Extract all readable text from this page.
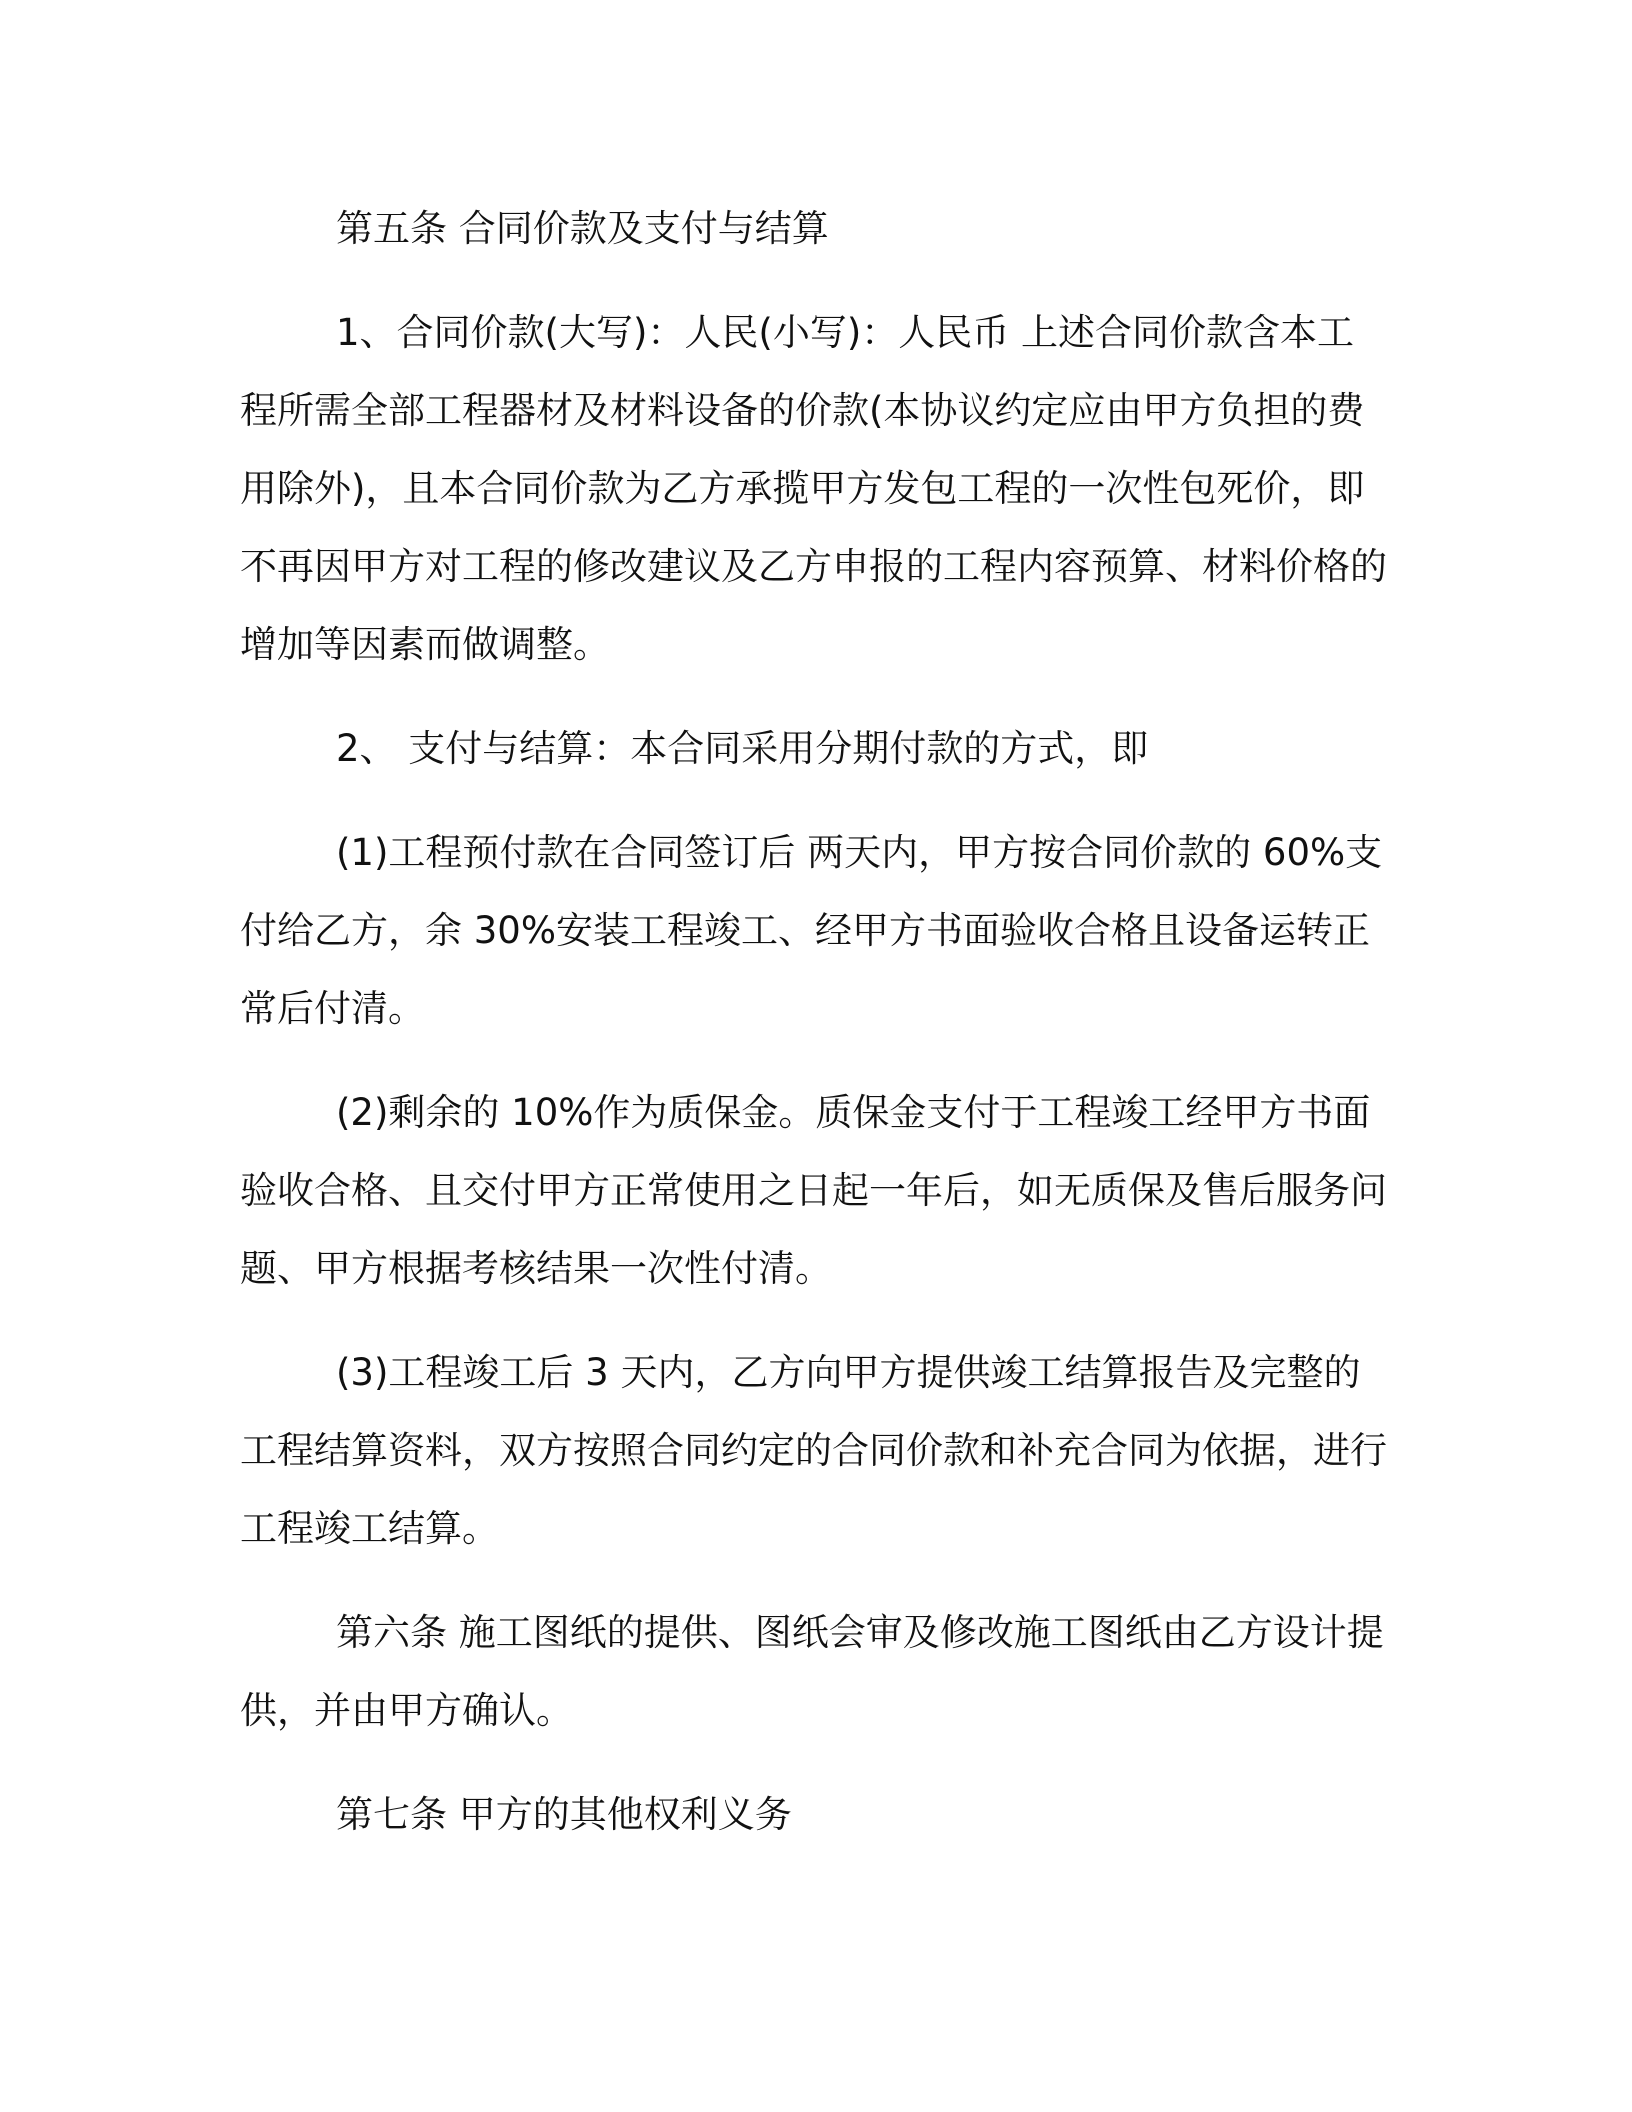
第五条 合同价款及支付与结算

1、合同价款(大写)：人民(小写)：人民币 上述合同价款含本工程所需全部工程器材及材料设备的价款(本协议约定应由甲方负担的费用除外)，且本合同价款为乙方承揽甲方发包工程的一次性包死价，即不再因甲方对工程的修改建议及乙方申报的工程内容预算、材料价格的增加等因素而做调整。

2、 支付与结算：本合同采用分期付款的方式，即

(1)工程预付款在合同签订后 两天内，甲方按合同价款的 60%支付给乙方，余 30%安装工程竣工、经甲方书面验收合格且设备运转正常后付清。

(2)剩余的 10%作为质保金。质保金支付于工程竣工经甲方书面验收合格、且交付甲方正常使用之日起一年后，如无质保及售后服务问题、甲方根据考核结果一次性付清。

(3)工程竣工后 3 天内，乙方向甲方提供竣工结算报告及完整的工程结算资料，双方按照合同约定的合同价款和补充合同为依据，进行工程竣工结算。

第六条 施工图纸的提供、图纸会审及修改施工图纸由乙方设计提供，并由甲方确认。

第七条 甲方的其他权利义务
